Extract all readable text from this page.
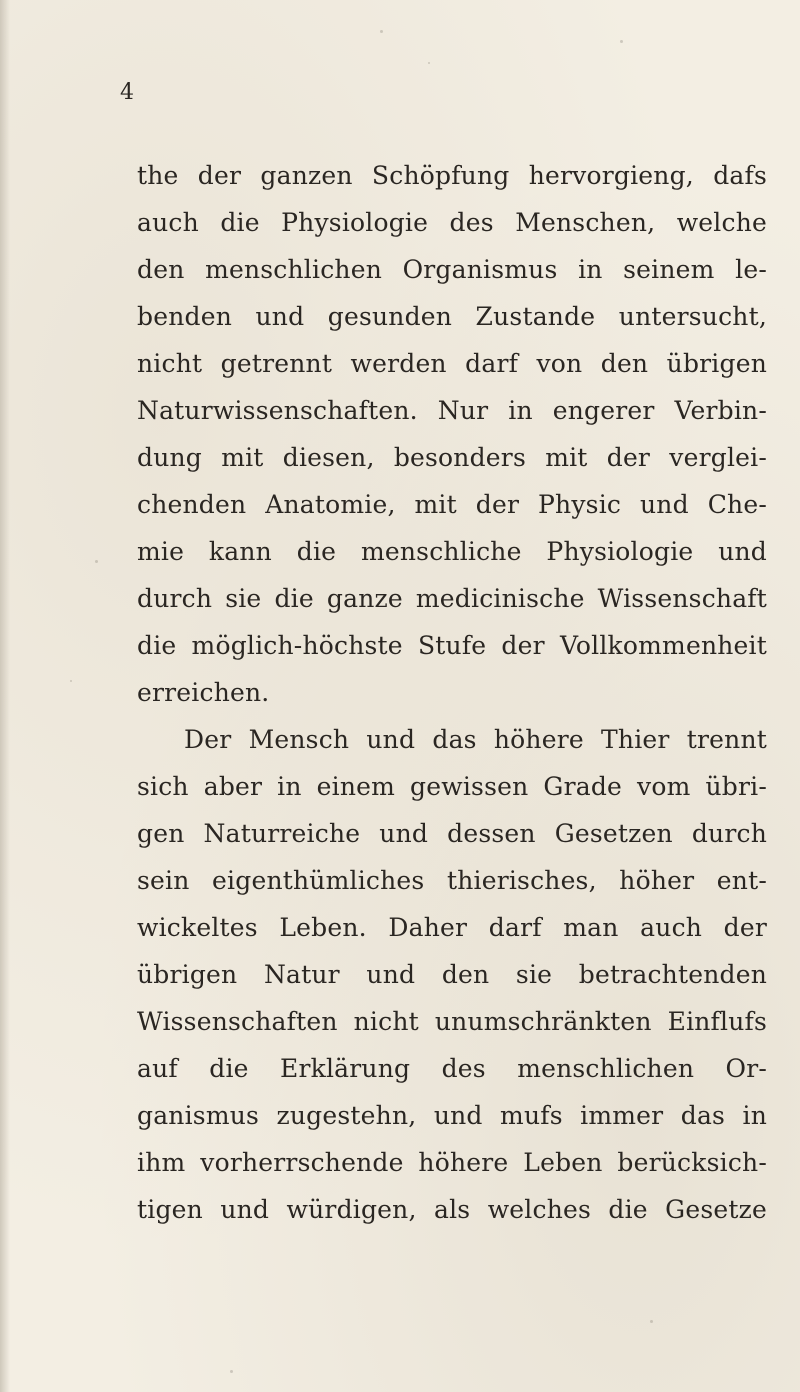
4
the der ganzen Schöpfung hervorgieng, dafs
auch die Physiologie des Menschen, welche
den menschlichen Organismus in seinem le-
benden und gesunden Zustande untersucht,
nicht getrennt werden darf von den übrigen
Naturwissenschaften. Nur in engerer Verbin-
dung mit diesen, besonders mit der verglei-
chenden Anatomie, mit der Physic und Che-
mie kann die menschliche Physiologie und
durch sie die ganze medicinische Wissenschaft
die möglich-höchste Stufe der Vollkommenheit
erreichen.
Der Mensch und das höhere Thier trennt
sich aber in einem gewissen Grade vom übri-
gen Naturreiche und dessen Gesetzen durch
sein eigenthümliches thierisches, höher ent-
wickeltes Leben. Daher darf man auch der
übrigen Natur und den sie betrachtenden
Wissenschaften nicht unumschränkten Einflufs
auf die Erklärung des menschlichen Or-
ganismus zugestehn, und mufs immer das in
ihm vorherrschende höhere Leben berücksich-
tigen und würdigen, als welches die Gesetze
